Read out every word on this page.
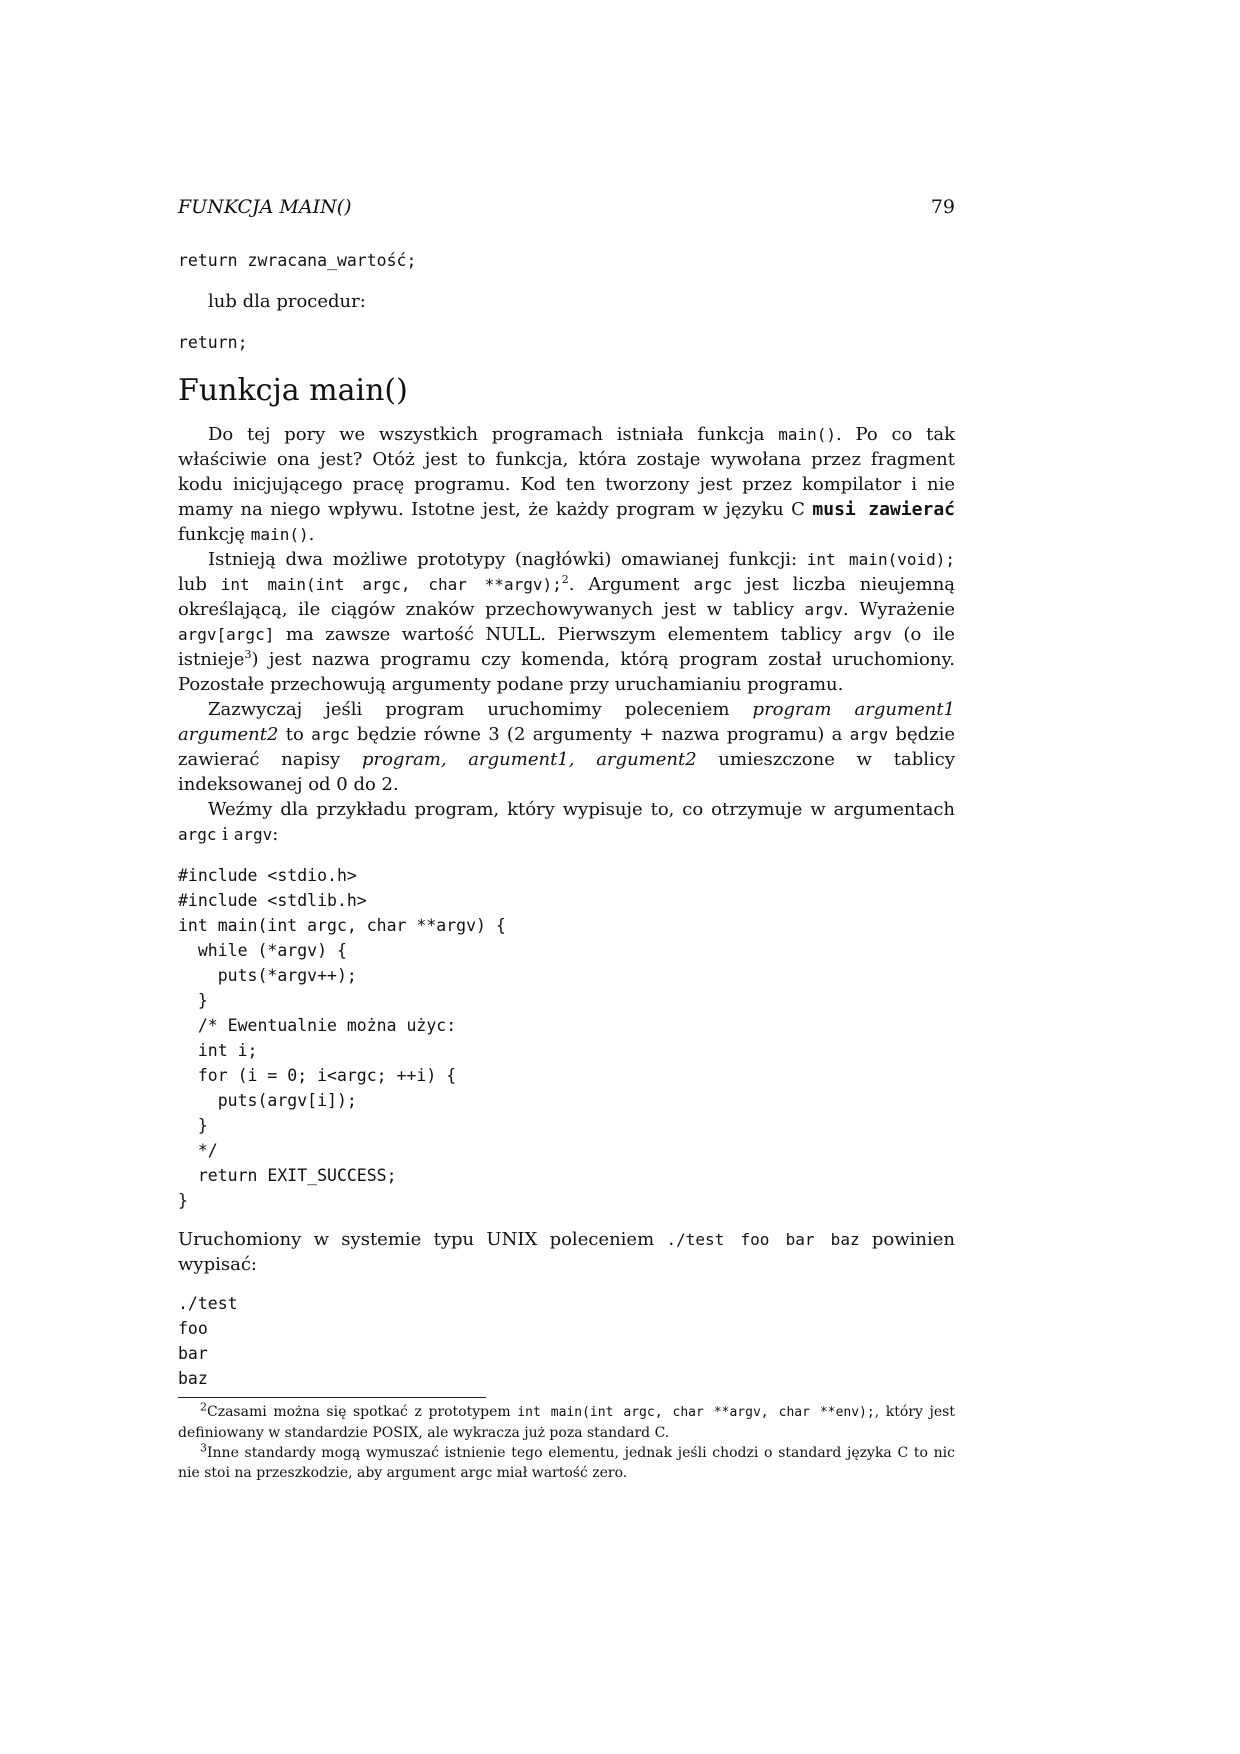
FUNKCJA MAIN()	79
return zwracana_wartość;

lub dla procedur:

return;
Funkcja main()

Do tej pory we wszystkich programach istniała funkcja main(). Po co tak właściwie ona jest? Otóż jest to funkcja, która zostaje wywołana przez fragment kodu inicjującego pracę programu. Kod ten tworzony jest przez kompilator i nie mamy na niego wpływu. Istotne jest, że każdy program w języku C musi zawierać funkcję main().

Istnieją dwa możliwe prototypy (nagłówki) omawianej funkcji: int main(void); lub int main(int argc, char **argv);$^2$. Argument argc jest liczba nieujemną określającą, ile ciągów znaków przechowywanych jest w tablicy argv. Wyrażenie argv[argc] ma zawsze wartość NULL. Pierwszym elementem tablicy argv (o ile istnieje$^3$) jest nazwa programu czy komenda, którą program został uruchomiony. Pozostałe przechowują argumenty podane przy uruchamianiu programu.

Zazwyczaj jeśli program uruchomimy poleceniem program argument1 argument2 to argc będzie równe 3 (2 argumenty + nazwa programu) a argv będzie zawierać napisy program, argument1, argument2 umieszczone w tablicy indeksowanej od 0 do 2.

Weźmy dla przykładu program, który wypisuje to, co otrzymuje w argumentach argc i argv:

#include <stdio.h>
#include <stdlib.h>
int main(int argc, char **argv) {
while (*argv) {
puts(*argv++);
}
/* Ewentualnie można użyc:
int i;
for (i = 0; i<argc; ++i) {
puts(argv[i]);
}
*/
return EXIT_SUCCESS;
}

Uruchomiony w systemie typu UNIX poleceniem ./test foo bar baz powinien wypisać:

./test
foo
bar
baz

$^2$Czasami można się spotkać z prototypem int main(int argc, char **argv, char **env);, który jest definiowany w standardzie POSIX, ale wykracza już poza standard C.

$^3$Inne standardy mogą wymuszać istnienie tego elementu, jednak jeśli chodzi o standard języka C to nic nie stoi na przeszkodzie, aby argument argc miał wartość zero.
